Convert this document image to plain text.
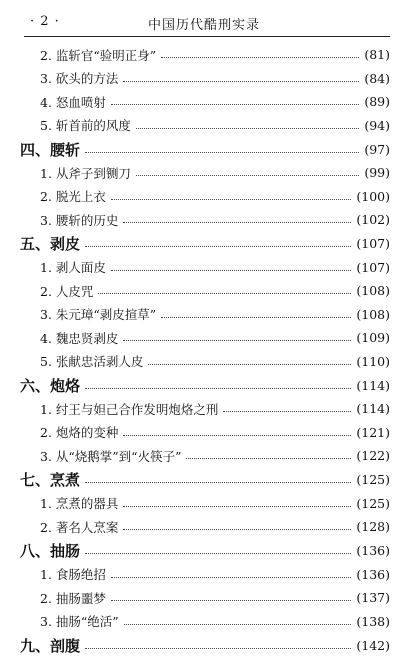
· 2 ·	中国历代酷刑实录
2. 监斩官“验明正身”	(81)
3. 砍头的方法	(84)
4. 怒血喷射	(89)
5. 斩首前的风度	(94)
四、腰斩	(97)
1. 从斧子到铡刀	(99)
2. 脱光上衣	(100)
3. 腰斩的历史	(102)
五、剥皮	(107)
1. 剥人面皮	(107)
2. 人皮咒	(108)
3. 朱元璋“剥皮揎草”	(108)
4. 魏忠贤剥皮	(109)
5. 张献忠活剥人皮	(110)
六、炮烙	(114)
1. 纣王与妲己合作发明炮烙之刑	(114)
2. 炮烙的变种	(121)
3. 从“烧鹅掌”到“火筷子”	(122)
七、烹煮	(125)
1. 烹煮的器具	(125)
2. 著名人烹案	(128)
八、抽肠	(136)
1. 食肠绝招	(136)
2. 抽肠噩梦	(137)
3. 抽肠“绝活”	(138)
九、剖腹	(142)
